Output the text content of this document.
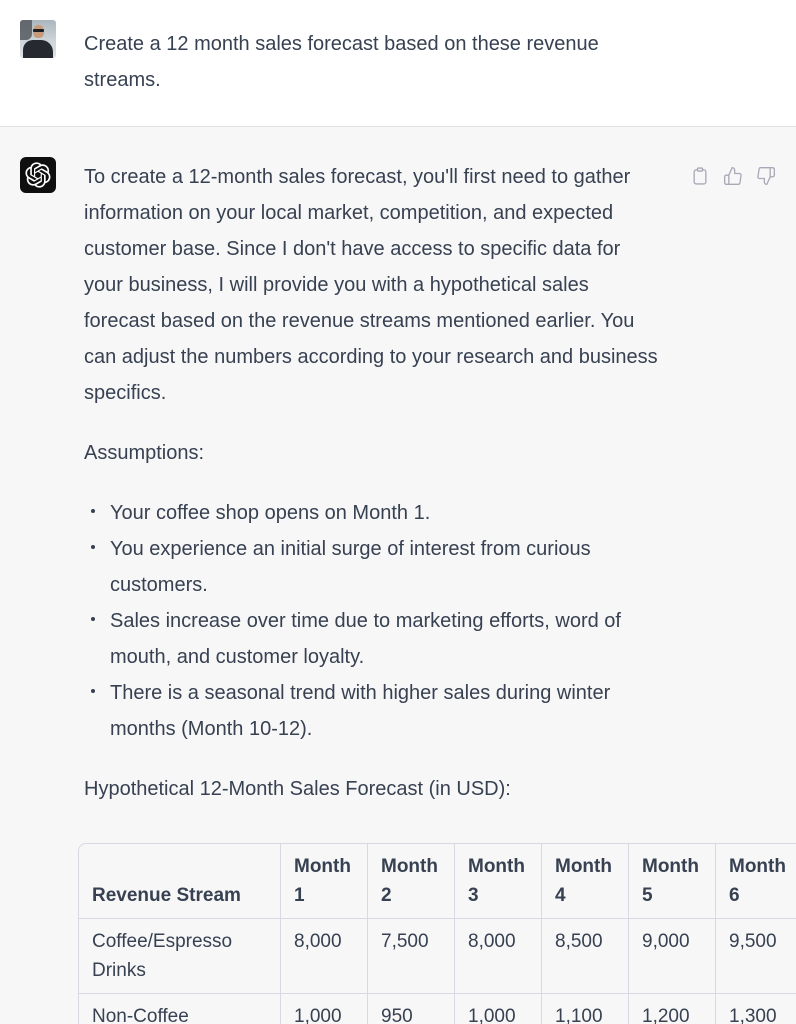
Create a 12 month sales forecast based on these revenue streams.

To create a 12-month sales forecast, you'll first need to gather information on your local market, competition, and expected customer base. Since I don't have access to specific data for your business, I will provide you with a hypothetical sales forecast based on the revenue streams mentioned earlier. You can adjust the numbers according to your research and business specifics.

Assumptions:

Your coffee shop opens on Month 1.
You experience an initial surge of interest from curious customers.
Sales increase over time due to marketing efforts, word of mouth, and customer loyalty.
There is a seasonal trend with higher sales during winter months (Month 10-12).

Hypothetical 12-Month Sales Forecast (in USD):

Revenue Stream	Month 1	Month 2	Month 3	Month 4	Month 5	Month 6
Coffee/Espresso Drinks	8,000	7,500	8,000	8,500	9,000	9,500
Non-Coffee	1,000	950	1,000	1,100	1,200	1,300
